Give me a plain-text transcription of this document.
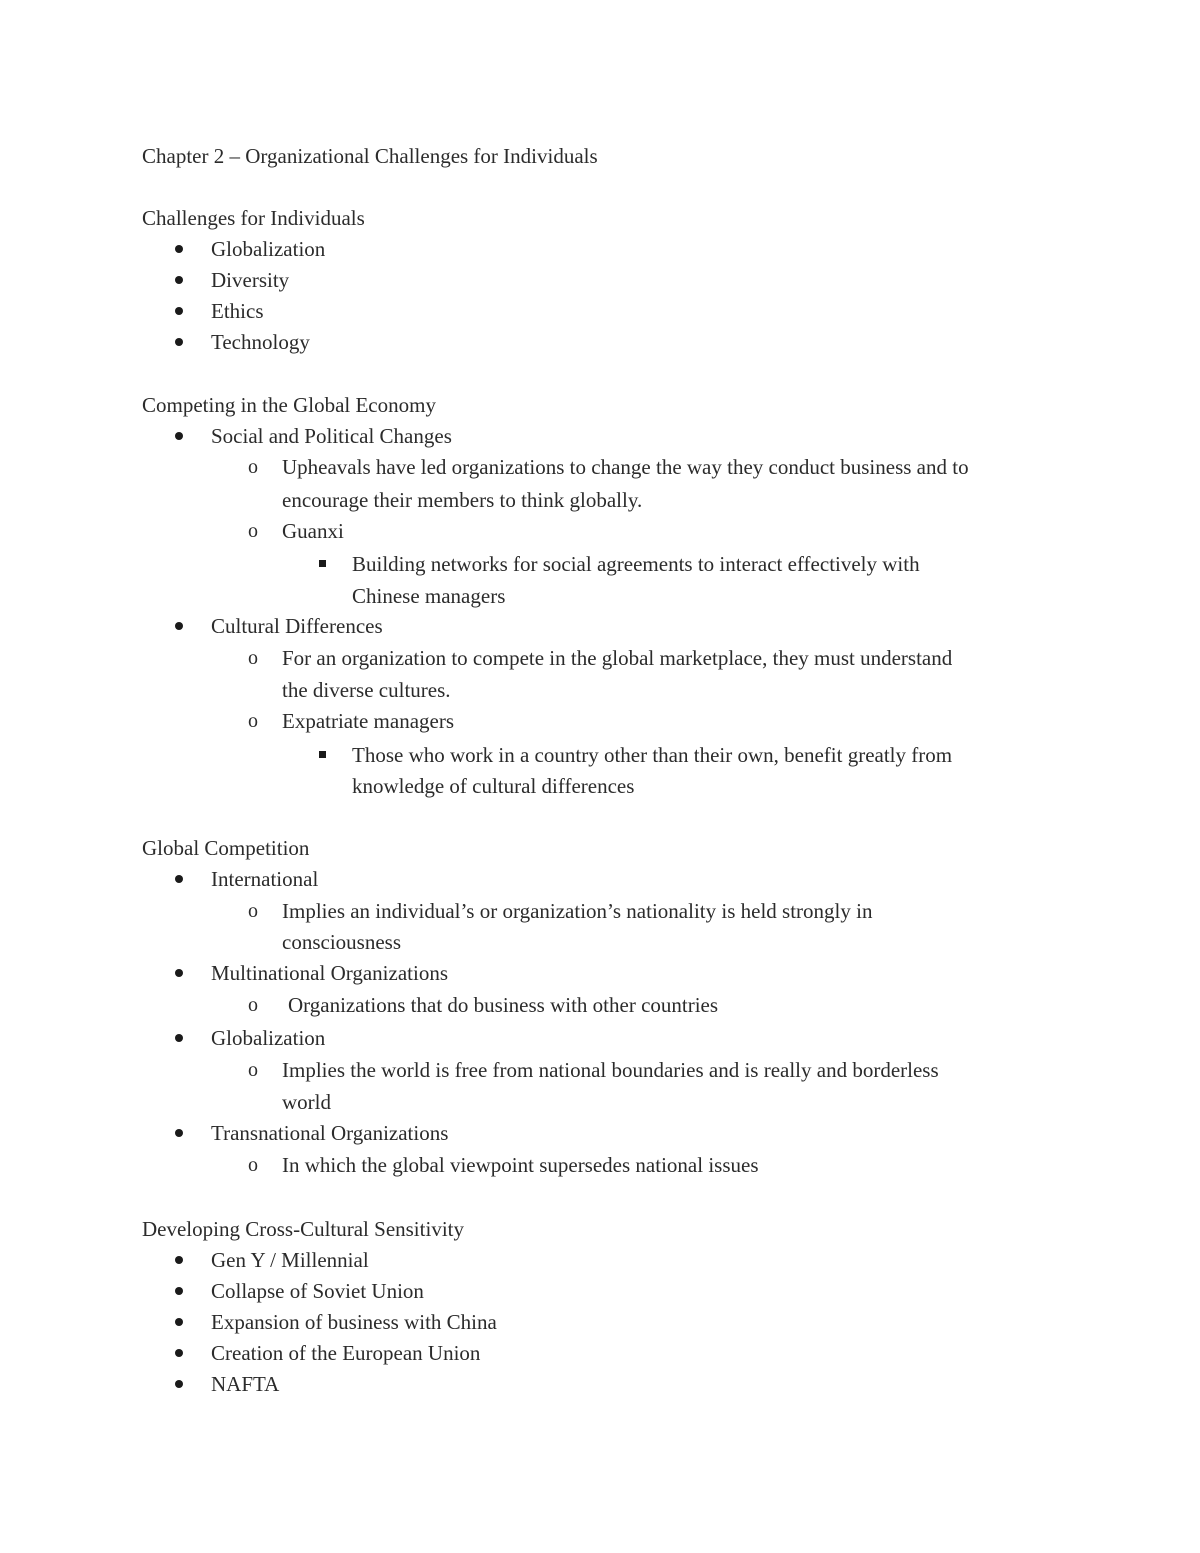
Chapter 2 – Organizational Challenges for Individuals
Challenges for Individuals
Globalization
Diversity
Ethics
Technology
Competing in the Global Economy
Social and Political Changes
o Upheavals have led organizations to change the way they conduct business and to
encourage their members to think globally.
o Guanxi
Building networks for social agreements to interact effectively with
Chinese managers
Cultural Differences
o For an organization to compete in the global marketplace, they must understand
the diverse cultures.
o Expatriate managers
Those who work in a country other than their own, benefit greatly from
knowledge of cultural differences
Global Competition
International
o Implies an individual’s or organization’s nationality is held strongly in
consciousness
Multinational Organizations
o Organizations that do business with other countries
Globalization
o Implies the world is free from national boundaries and is really and borderless
world
Transnational Organizations
o In which the global viewpoint supersedes national issues
Developing Cross-Cultural Sensitivity
Gen Y / Millennial
Collapse of Soviet Union
Expansion of business with China
Creation of the European Union
NAFTA
